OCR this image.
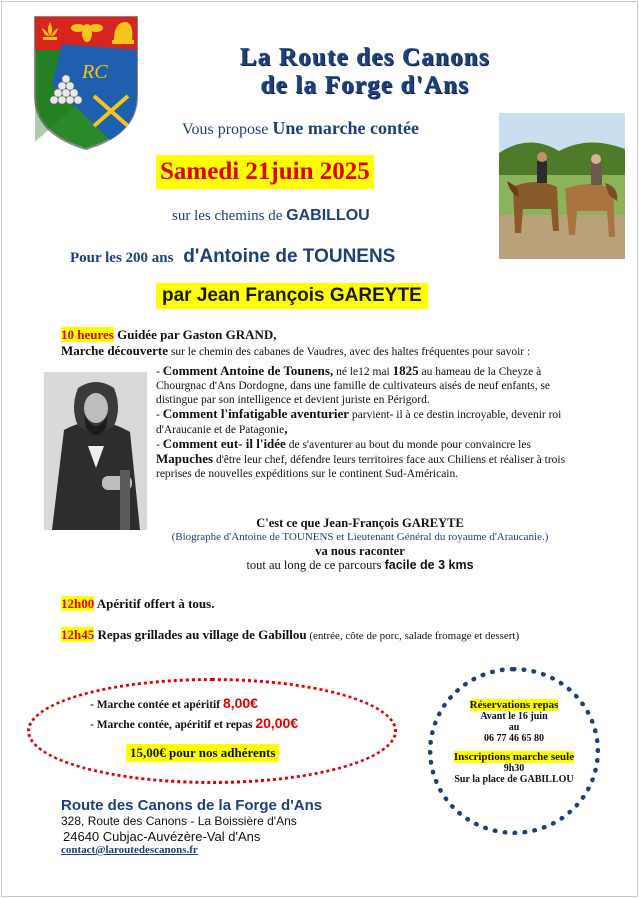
RC
La Route des Canons
de la Forge d'Ans
Vous propose Une marche contée
Samedi 21juin 2025
sur les chemins de GABILLOU
Pour les 200 ans d'Antoine de TOUNENS
par Jean François GAREYTE
10 heures Guidée par Gaston GRAND,
Marche découverte sur le chemin des cabanes de Vaudres, avec des haltes fréquentes pour savoir :
- Comment Antoine de Tounens, né le12 mai 1825 au hameau de la Cheyze à Chourgnac d'Ans Dordogne, dans une famille de cultivateurs aisés de neuf enfants, se distingue par son intelligence et devient juriste en Périgord.
- Comment l'infatigable aventurier parvient- il à ce destin incroyable, devenir roi d'Araucanie et de Patagonie,
- Comment eut- il l'idée de s'aventurer au bout du monde pour convaincre les Mapuches d'être leur chef, défendre leurs territoires face aux Chiliens et réaliser à trois reprises de nouvelles expéditions sur le continent Sud-Américain.
C'est ce que Jean-François GAREYTE
(Biographe d'Antoine de TOUNENS et Lieutenant Général du royaume d'Araucanie.)
va nous raconter
tout au long de ce parcours facile de 3 kms
12h00 Apéritif offert à tous.
12h45 Repas grillades au village de Gabillou (entrée, côte de porc, salade fromage et dessert)
- Marche contée et apéritif 8,00€
- Marche contée, apéritif et repas 20,00€
15,00€ pour nos adhérents
Réservations repas
Avant le 16 juin
au
06 77 46 65 80
Inscriptions marche seule
9h30
Sur la place de GABILLOU
Route des Canons de la Forge d'Ans
328, Route des Canons - La Boissière d'Ans
24640 Cubjac-Auvézère-Val d'Ans
contact@laroutedescanons.fr
